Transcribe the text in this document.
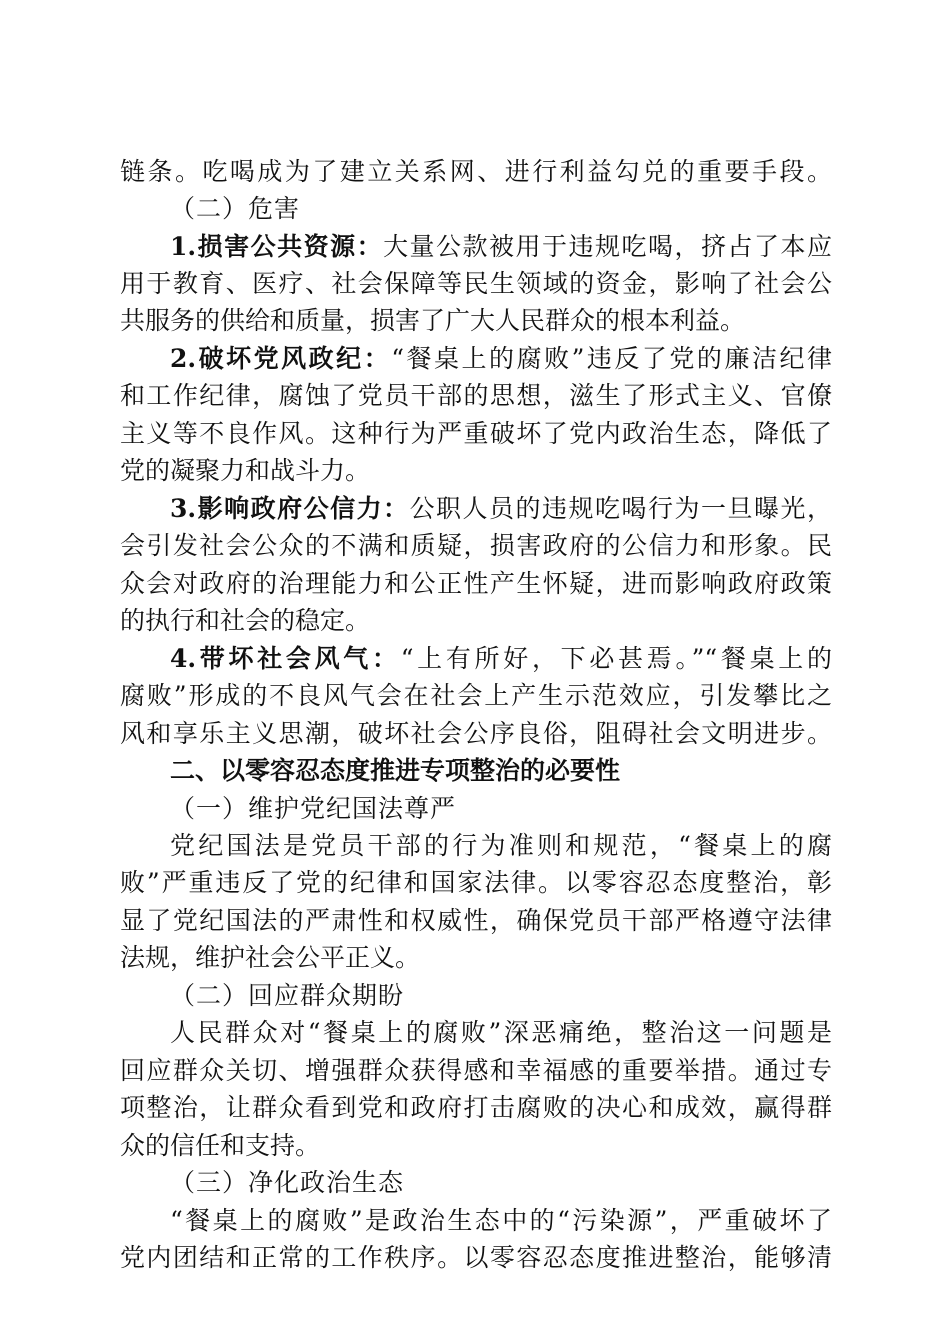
链条。吃喝成为了建立关系网、进行利益勾兑的重要手段。
（二）危害
1.损害公共资源：大量公款被用于违规吃喝，挤占了本应
用于教育、医疗、社会保障等民生领域的资金，影响了社会公
共服务的供给和质量，损害了广大人民群众的根本利益。
2.破坏党风政纪：“餐桌上的腐败”违反了党的廉洁纪律
和工作纪律，腐蚀了党员干部的思想，滋生了形式主义、官僚
主义等不良作风。这种行为严重破坏了党内政治生态，降低了
党的凝聚力和战斗力。
3.影响政府公信力：公职人员的违规吃喝行为一旦曝光，
会引发社会公众的不满和质疑，损害政府的公信力和形象。民
众会对政府的治理能力和公正性产生怀疑，进而影响政府政策
的执行和社会的稳定。
4.带坏社会风气：“上有所好，下必甚焉。”“餐桌上的
腐败”形成的不良风气会在社会上产生示范效应，引发攀比之
风和享乐主义思潮，破坏社会公序良俗，阻碍社会文明进步。
二、以零容忍态度推进专项整治的必要性
（一）维护党纪国法尊严
党纪国法是党员干部的行为准则和规范，“餐桌上的腐
败”严重违反了党的纪律和国家法律。以零容忍态度整治，彰
显了党纪国法的严肃性和权威性，确保党员干部严格遵守法律
法规，维护社会公平正义。
（二）回应群众期盼
人民群众对“餐桌上的腐败”深恶痛绝，整治这一问题是
回应群众关切、增强群众获得感和幸福感的重要举措。通过专
项整治，让群众看到党和政府打击腐败的决心和成效，赢得群
众的信任和支持。
（三）净化政治生态
“餐桌上的腐败”是政治生态中的“污染源”，严重破坏了
党内团结和正常的工作秩序。以零容忍态度推进整治，能够清
